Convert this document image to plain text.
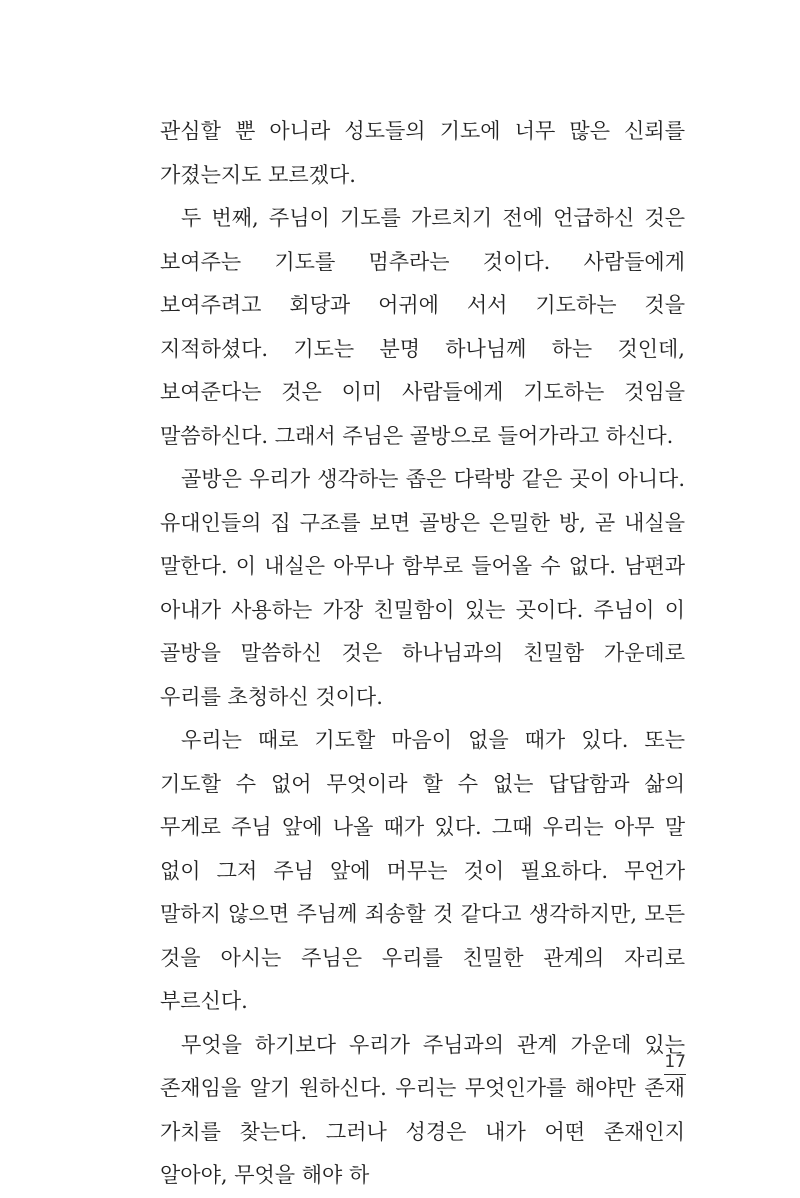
관심할 뿐 아니라 성도들의 기도에 너무 많은 신뢰를 가졌는지도 모르겠다.

두 번째, 주님이 기도를 가르치기 전에 언급하신 것은 보여주는 기도를 멈추라는 것이다. 사람들에게 보여주려고 회당과 어귀에 서서 기도하는 것을 지적하셨다. 기도는 분명 하나님께 하는 것인데, 보여준다는 것은 이미 사람들에게 기도하는 것임을 말씀하신다. 그래서 주님은 골방으로 들어가라고 하신다.

골방은 우리가 생각하는 좁은 다락방 같은 곳이 아니다. 유대인들의 집 구조를 보면 골방은 은밀한 방, 곧 내실을 말한다. 이 내실은 아무나 함부로 들어올 수 없다. 남편과 아내가 사용하는 가장 친밀함이 있는 곳이다. 주님이 이 골방을 말씀하신 것은 하나님과의 친밀함 가운데로 우리를 초청하신 것이다.

우리는 때로 기도할 마음이 없을 때가 있다. 또는 기도할 수 없어 무엇이라 할 수 없는 답답함과 삶의 무게로 주님 앞에 나올 때가 있다. 그때 우리는 아무 말 없이 그저 주님 앞에 머무는 것이 필요하다. 무언가 말하지 않으면 주님께 죄송할 것 같다고 생각하지만, 모든 것을 아시는 주님은 우리를 친밀한 관계의 자리로 부르신다.

무엇을 하기보다 우리가 주님과의 관계 가운데 있는 존재임을 알기 원하신다. 우리는 무엇인가를 해야만 존재 가치를 찾는다. 그러나 성경은 내가 어떤 존재인지 알아야, 무엇을 해야 하

17
